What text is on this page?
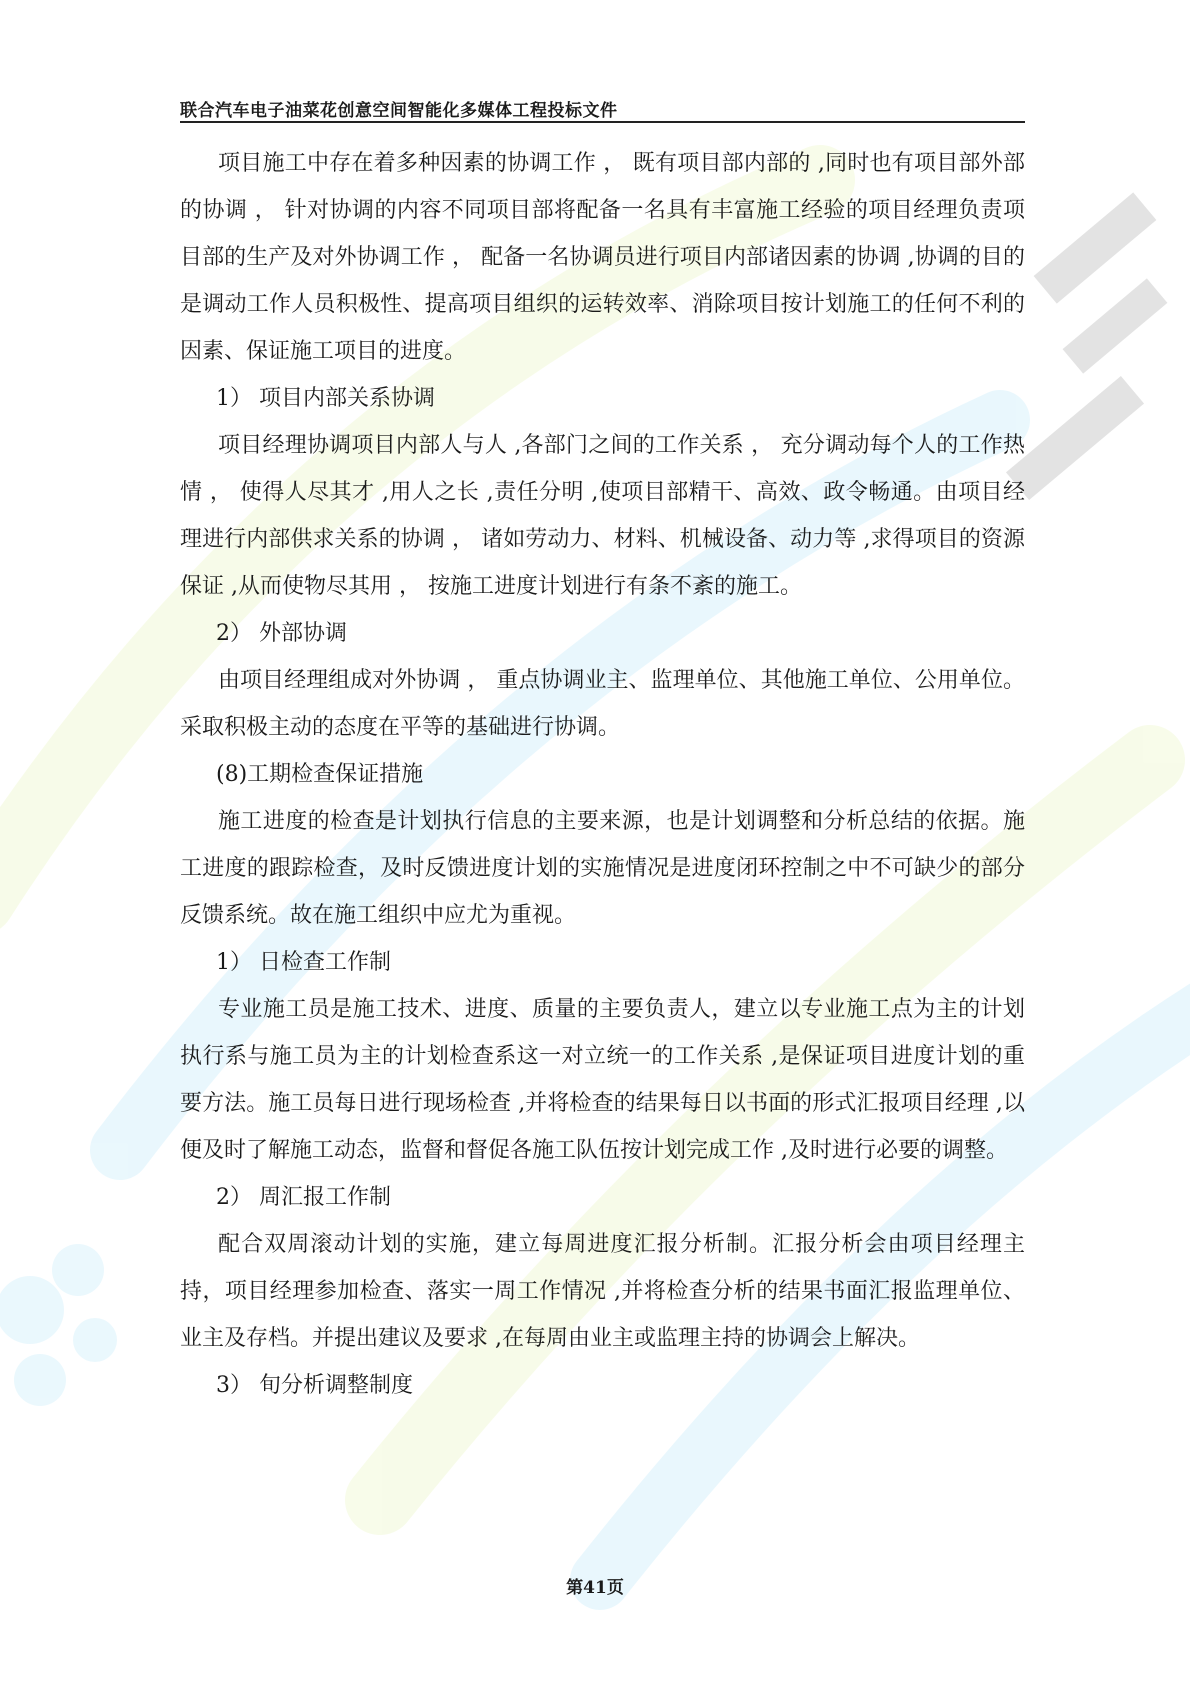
联合汽车电子油菜花创意空间智能化多媒体工程投标文件

项目施工中存在着多种因素的协调工作 ， 既有项目部内部的 ,同时也有项目部外部的协调 ， 针对协调的内容不同项目部将配备一名具有丰富施工经验的项目经理负责项目部的生产及对外协调工作 ， 配备一名协调员进行项目内部诸因素的协调 ,协调的目的是调动工作人员积极性、提高项目组织的运转效率、消除项目按计划施工的任何不利的因素、保证施工项目的进度。

1） 项目内部关系协调

项目经理协调项目内部人与人 ,各部门之间的工作关系 ， 充分调动每个人的工作热情 ， 使得人尽其才 ,用人之长 ,责任分明 ,使项目部精干、高效、政令畅通。由项目经理进行内部供求关系的协调 ， 诸如劳动力、材料、机械设备、动力等 ,求得项目的资源保证 ,从而使物尽其用 ， 按施工进度计划进行有条不紊的施工。

2） 外部协调

由项目经理组成对外协调 ， 重点协调业主、监理单位、其他施工单位、公用单位。采取积极主动的态度在平等的基础进行协调。

(8)工期检查保证措施

施工进度的检查是计划执行信息的主要来源，也是计划调整和分析总结的依据。施工进度的跟踪检查，及时反馈进度计划的实施情况是进度闭环控制之中不可缺少的部分反馈系统。故在施工组织中应尤为重视。

1） 日检查工作制

专业施工员是施工技术、进度、质量的主要负责人，建立以专业施工点为主的计划执行系与施工员为主的计划检查系这一对立统一的工作关系 ,是保证项目进度计划的重要方法。施工员每日进行现场检查 ,并将检查的结果每日以书面的形式汇报项目经理 ,以便及时了解施工动态，监督和督促各施工队伍按计划完成工作 ,及时进行必要的调整。

2） 周汇报工作制

配合双周滚动计划的实施，建立每周进度汇报分析制。汇报分析会由项目经理主持，项目经理参加检查、落实一周工作情况 ,并将检查分析的结果书面汇报监理单位、业主及存档。并提出建议及要求 ,在每周由业主或监理主持的协调会上解决。

3） 旬分析调整制度

第41页
